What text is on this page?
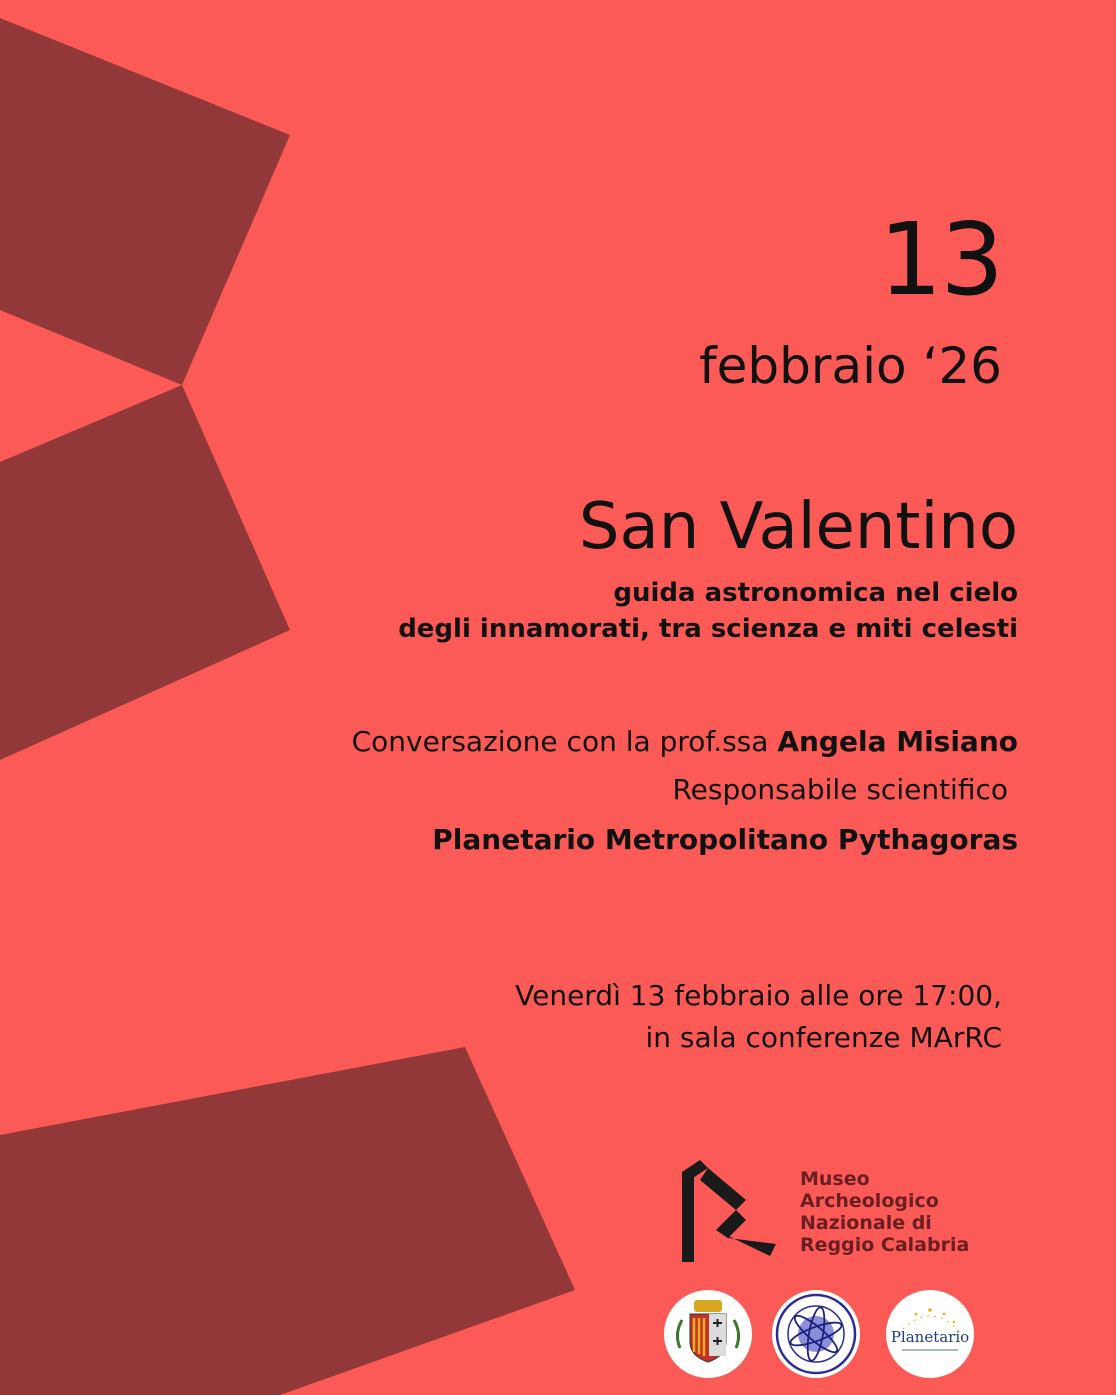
13
febbraio ‘26
San Valentino
guida astronomica nel cielo
degli innamorati, tra scienza e miti celesti
Conversazione con la prof.ssa Angela Misiano
Responsabile scientifico
Planetario Metropolitano Pythagoras
Venerdì 13 febbraio alle ore 17:00,
in sala conferenze MArRC
Museo
Archeologico
Nazionale di
Reggio Calabria
Planetario
